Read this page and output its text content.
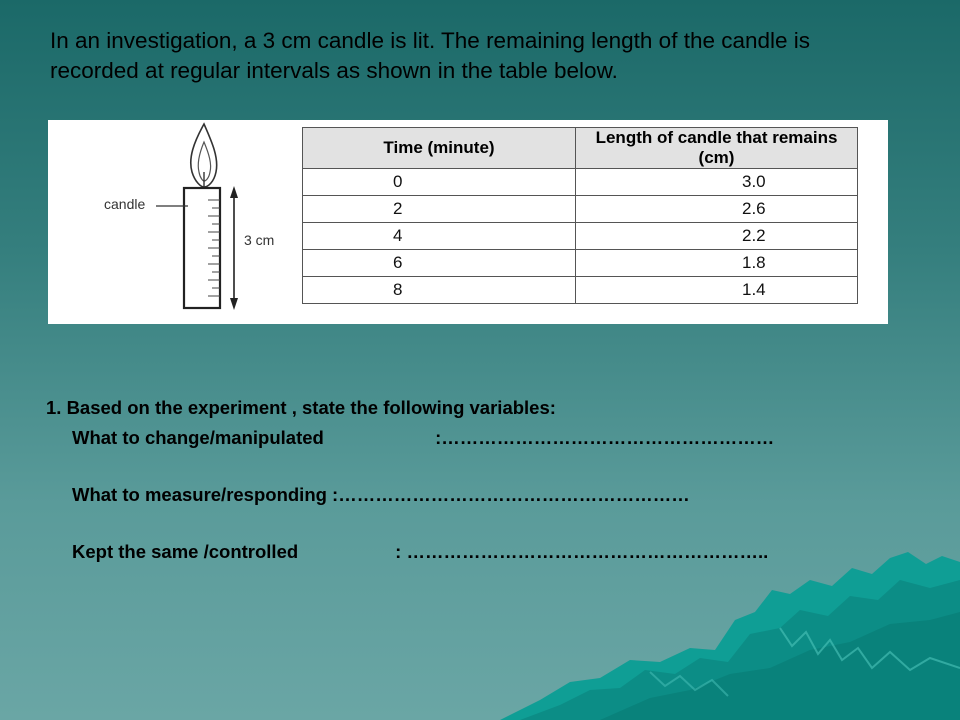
In an investigation, a 3 cm candle is lit. The remaining length of the candle is
recorded at regular intervals as shown in the table below.

candle
3 cm
Time (minute)	Length of candle that remains (cm)
0	3.0
2	2.6
4	2.2
6	1.8
8	1.4
1. Based on the experiment , state the following variables:
What to change/manipulated	:………………………………………………
What to measure/responding :…………………………………………………
Kept the same /controlled	: …………………………………………………..
